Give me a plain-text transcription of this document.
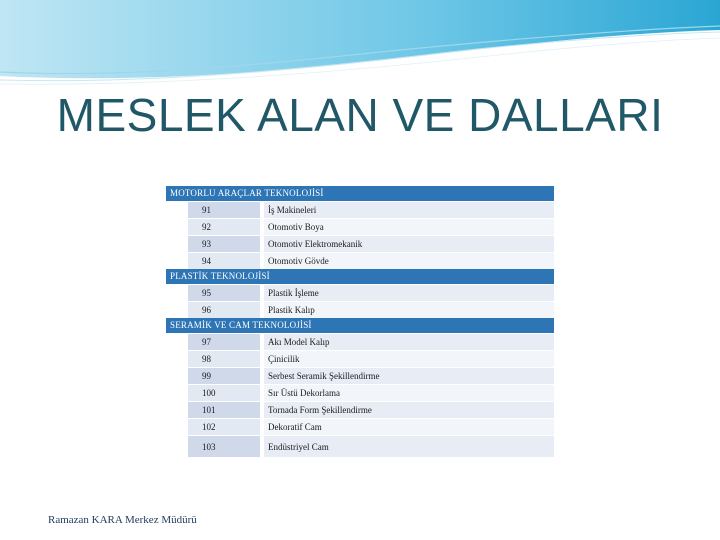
MESLEK ALAN VE DALLARI
MOTORLU ARAÇLAR TEKNOLOJİSİ
91	İş Makineleri
92	Otomotiv Boya
93	Otomotiv Elektromekanik
94	Otomotiv Gövde
PLASTİK TEKNOLOJİSİ
95	Plastik İşleme
96	Plastik Kalıp
SERAMİK VE CAM TEKNOLOJİSİ
97	Akı Model Kalıp
98	Çinicilik
99	Serbest Seramik Şekillendirme
100	Sır Üstü Dekorlama
101	Tornada Form Şekillendirme
102	Dekoratif Cam
103	Endüstriyel Cam
Ramazan KARA Merkez Müdürü
